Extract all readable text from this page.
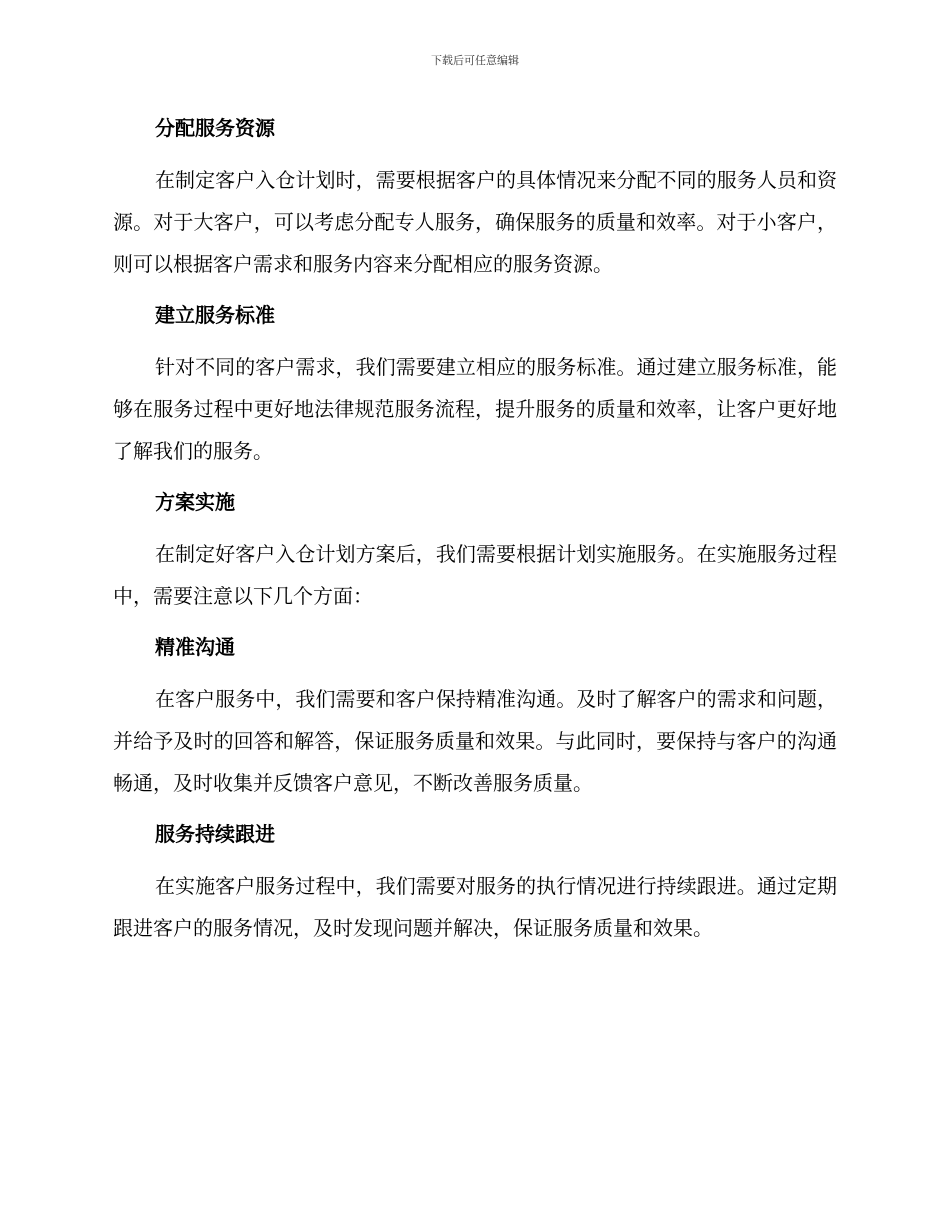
下载后可任意编辑
分配服务资源
在制定客户入仓计划时，需要根据客户的具体情况来分配不同的服务人员和资源。对于大客户，可以考虑分配专人服务，确保服务的质量和效率。对于小客户，则可以根据客户需求和服务内容来分配相应的服务资源。
建立服务标准
针对不同的客户需求，我们需要建立相应的服务标准。通过建立服务标准，能够在服务过程中更好地法律规范服务流程，提升服务的质量和效率，让客户更好地了解我们的服务。
方案实施
在制定好客户入仓计划方案后，我们需要根据计划实施服务。在实施服务过程中，需要注意以下几个方面：
精准沟通
在客户服务中，我们需要和客户保持精准沟通。及时了解客户的需求和问题，并给予及时的回答和解答，保证服务质量和效果。与此同时，要保持与客户的沟通畅通，及时收集并反馈客户意见，不断改善服务质量。
服务持续跟进
在实施客户服务过程中，我们需要对服务的执行情况进行持续跟进。通过定期跟进客户的服务情况，及时发现问题并解决，保证服务质量和效果。
